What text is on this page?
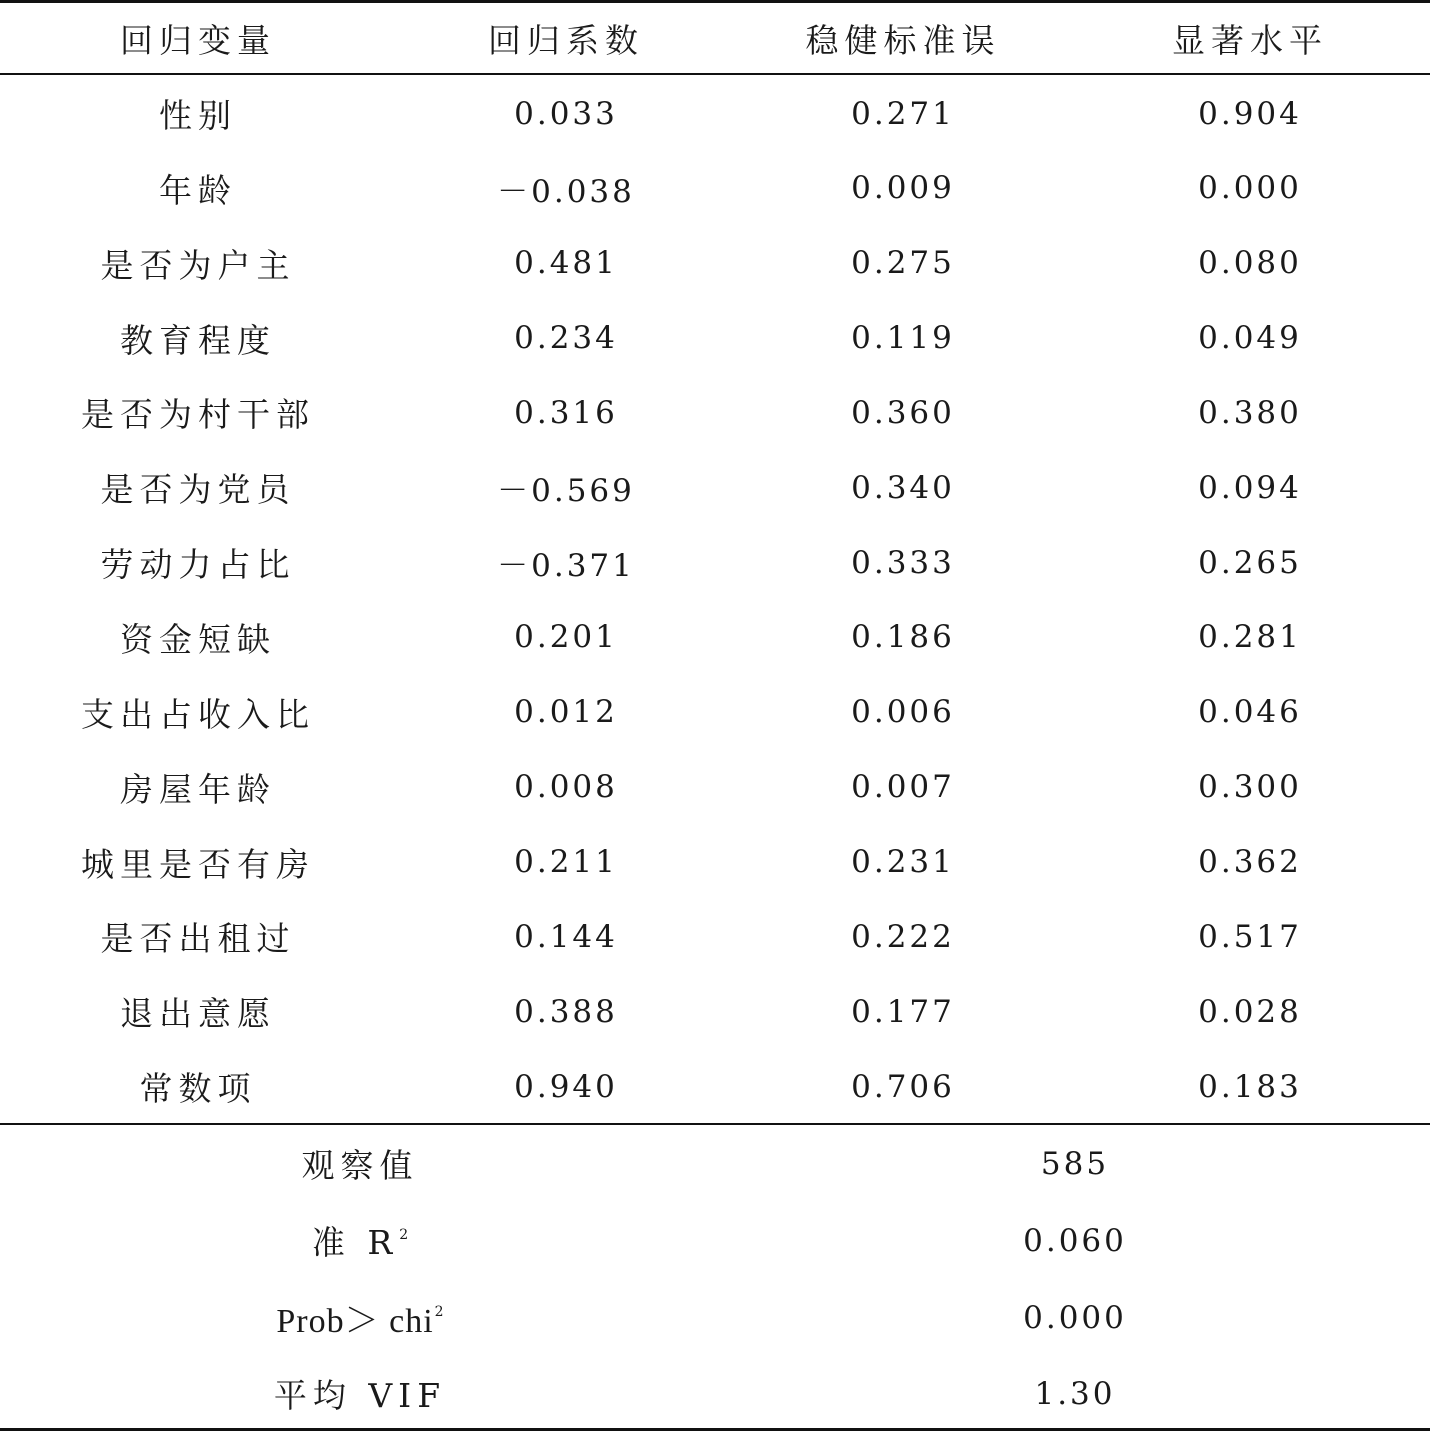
回归变量	回归系数	稳健标准误	显著水平
性别	0.033	0.271	0.904
年龄	－0.038	0.009	0.000
是否为户主	0.481	0.275	0.080
教育程度	0.234	0.119	0.049
是否为村干部	0.316	0.360	0.380
是否为党员	－0.569	0.340	0.094
劳动力占比	－0.371	0.333	0.265
资金短缺	0.201	0.186	0.281
支出占收入比	0.012	0.006	0.046
房屋年龄	0.008	0.007	0.300
城里是否有房	0.211	0.231	0.362
是否出租过	0.144	0.222	0.517
退出意愿	0.388	0.177	0.028
常数项	0.940	0.706	0.183
观察值	585
准 $R^2$	0.060
Prob＞ chi$^2$	0.000
平均 VIF	1.30
